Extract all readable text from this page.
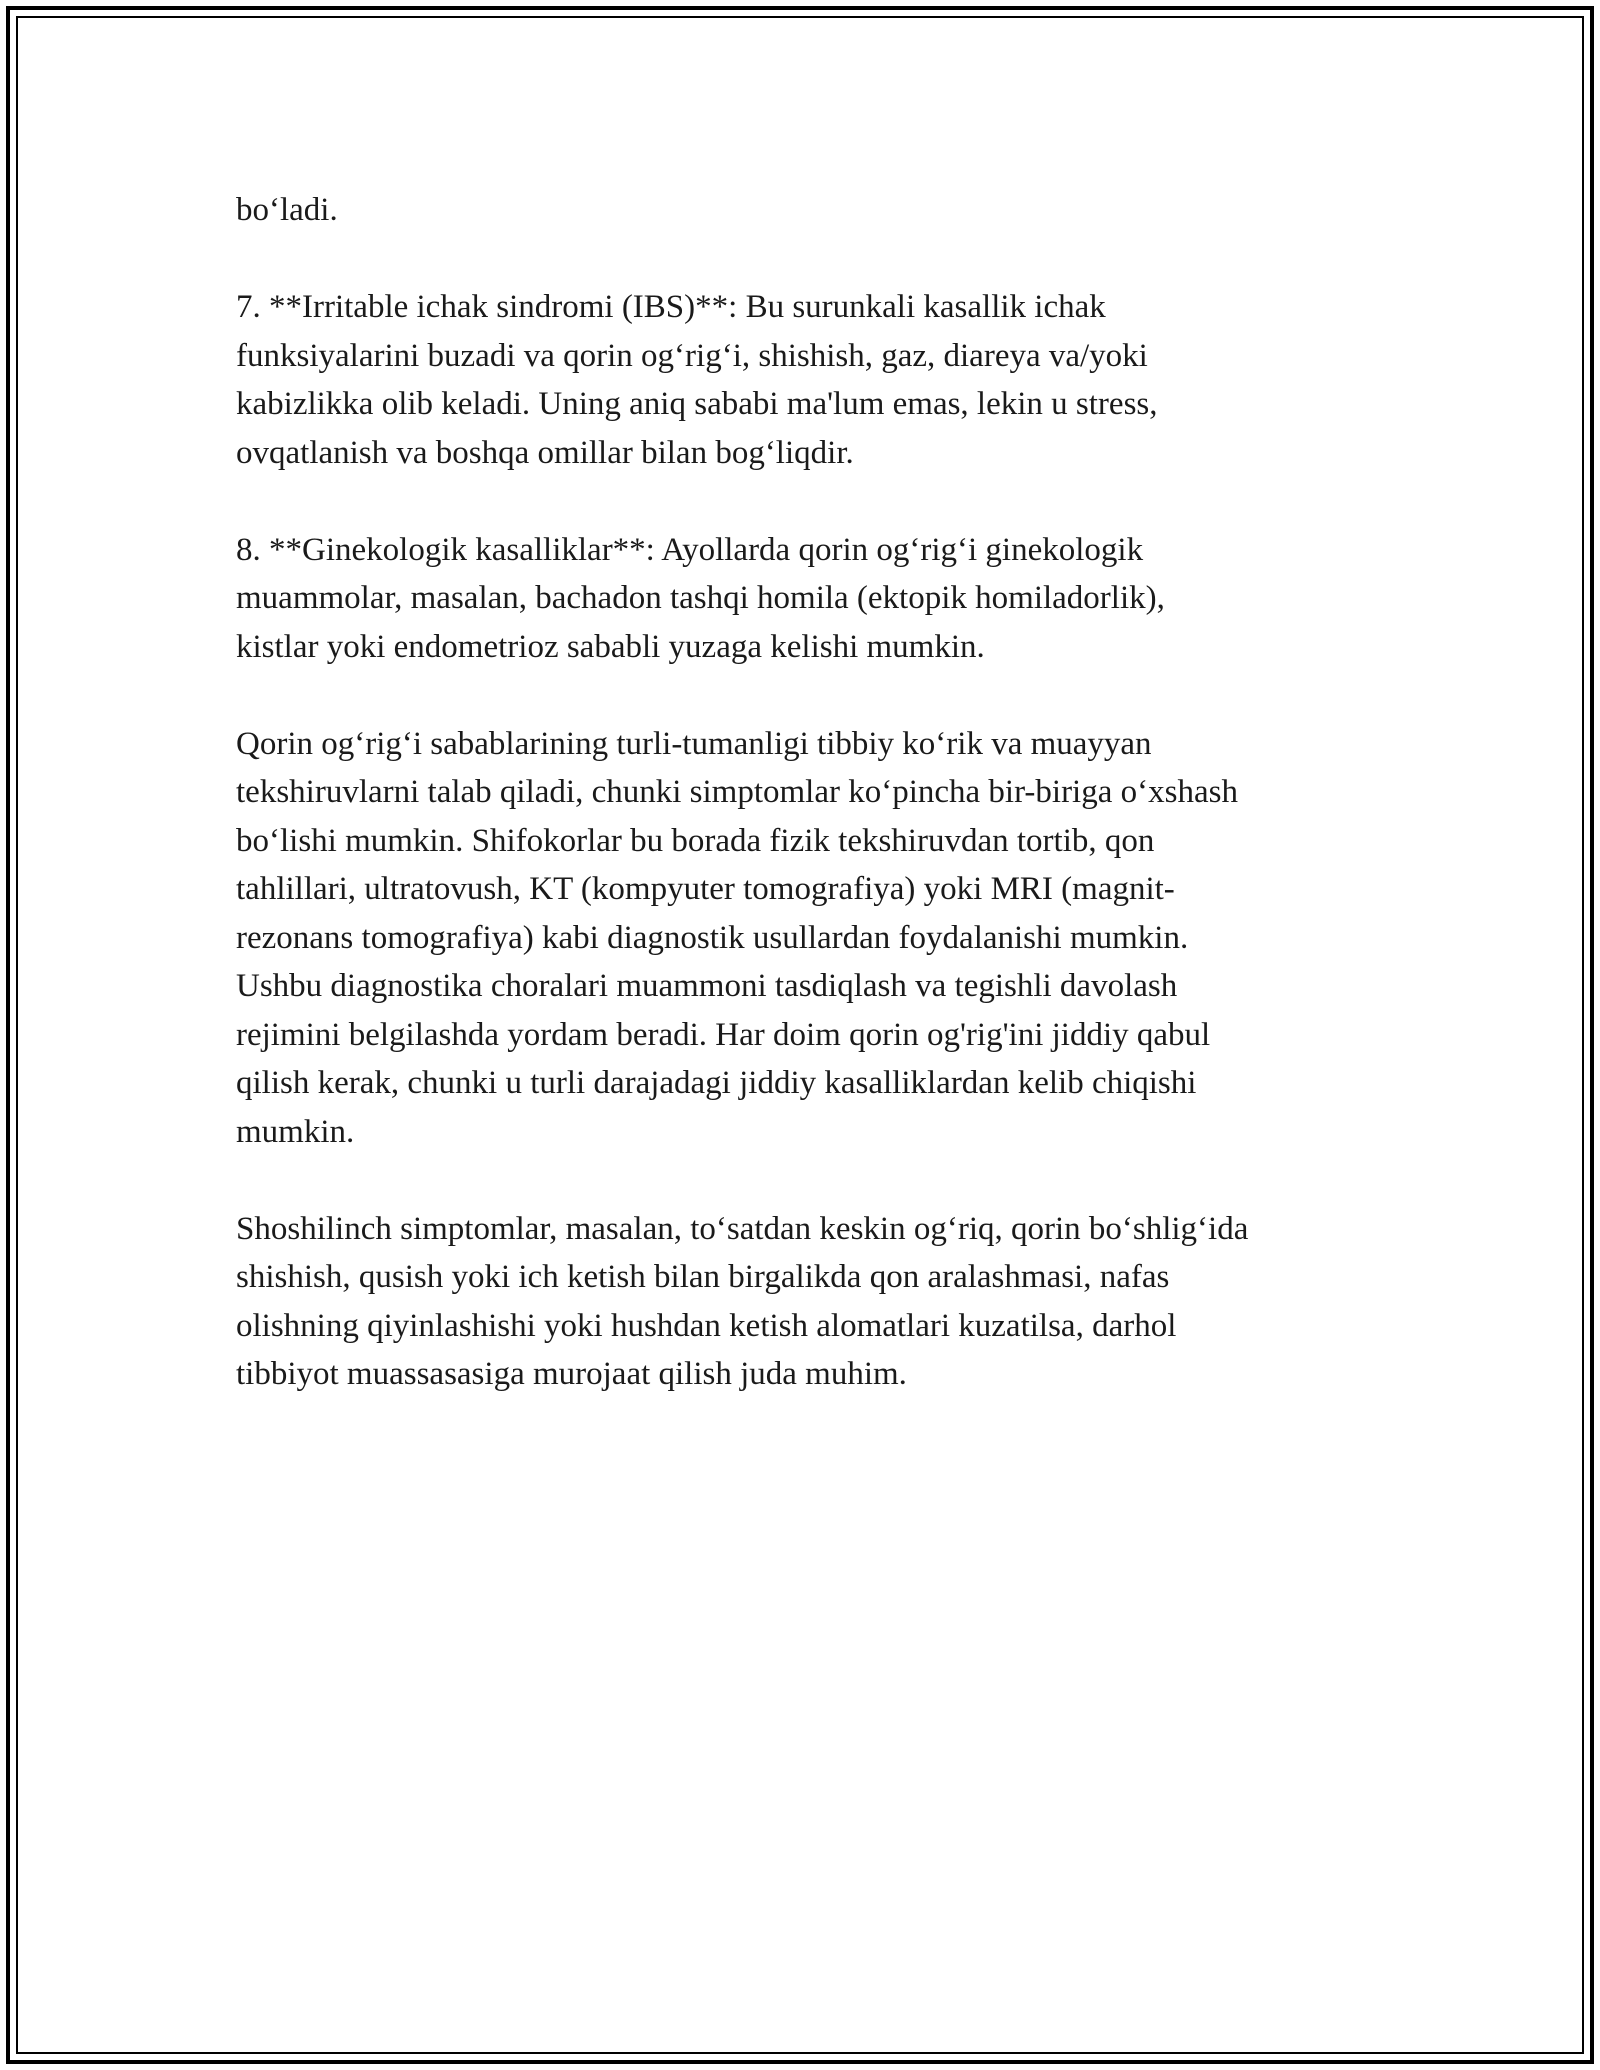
bo‘ladi.

7. **Irritable ichak sindromi (IBS)**: Bu surunkali kasallik ichak
funksiyalarini buzadi va qorin og‘rig‘i, shishish, gaz, diareya va/yoki
kabizlikka olib keladi. Uning aniq sababi ma'lum emas, lekin u stress,
ovqatlanish va boshqa omillar bilan bog‘liqdir.

8. **Ginekologik kasalliklar**: Ayollarda qorin og‘rig‘i ginekologik
muammolar, masalan, bachadon tashqi homila (ektopik homiladorlik),
kistlar yoki endometrioz sababli yuzaga kelishi mumkin.

Qorin og‘rig‘i sabablarining turli-tumanligi tibbiy ko‘rik va muayyan
tekshiruvlarni talab qiladi, chunki simptomlar ko‘pincha bir-biriga o‘xshash
bo‘lishi mumkin. Shifokorlar bu borada fizik tekshiruvdan tortib, qon
tahlillari, ultratovush, KT (kompyuter tomografiya) yoki MRI (magnit-
rezonans tomografiya) kabi diagnostik usullardan foydalanishi mumkin.
Ushbu diagnostika choralari muammoni tasdiqlash va tegishli davolash
rejimini belgilashda yordam beradi. Har doim qorin og'rig'ini jiddiy qabul
qilish kerak, chunki u turli darajadagi jiddiy kasalliklardan kelib chiqishi
mumkin.

Shoshilinch simptomlar, masalan, to‘satdan keskin og‘riq, qorin bo‘shlig‘ida
shishish, qusish yoki ich ketish bilan birgalikda qon aralashmasi, nafas
olishning qiyinlashishi yoki hushdan ketish alomatlari kuzatilsa, darhol
tibbiyot muassasasiga murojaat qilish juda muhim.
